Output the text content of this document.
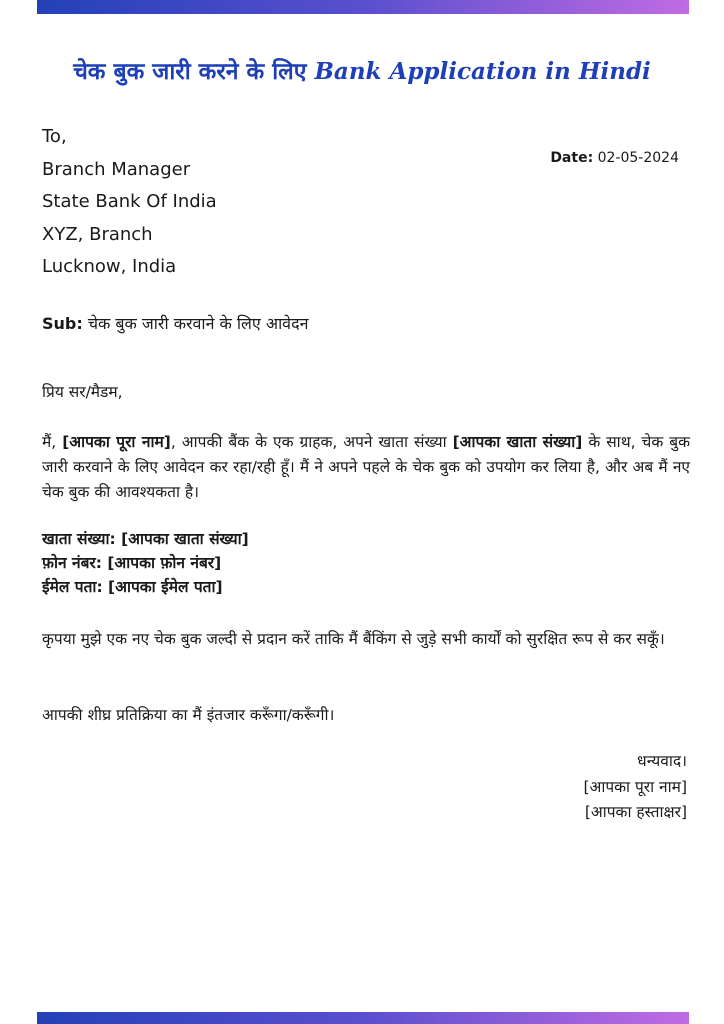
चेक बुक जारी करने के लिए Bank Application in Hindi
To,
Branch Manager
State Bank Of India
XYZ, Branch
Lucknow, India
Date: 02-05-2024
Sub: चेक बुक जारी करवाने के लिए आवेदन
प्रिय सर/मैडम,
मैं, [आपका पूरा नाम], आपकी बैंक के एक ग्राहक, अपने खाता संख्या [आपका खाता संख्या] के साथ, चेक बुक जारी करवाने के लिए आवेदन कर रहा/रही हूँ। मैं ने अपने पहले के चेक बुक को उपयोग कर लिया है, और अब मैं नए चेक बुक की आवश्यकता है।
खाता संख्या: [आपका खाता संख्या]
फ़ोन नंबर: [आपका फ़ोन नंबर]
ईमेल पता: [आपका ईमेल पता]
कृपया मुझे एक नए चेक बुक जल्दी से प्रदान करें ताकि मैं बैंकिंग से जुड़े सभी कार्यों को सुरक्षित रूप से कर सकूँ।
आपकी शीघ्र प्रतिक्रिया का मैं इंतजार करूँगा/करूँगी।
धन्यवाद।
[आपका पूरा नाम]
[आपका हस्ताक्षर]
